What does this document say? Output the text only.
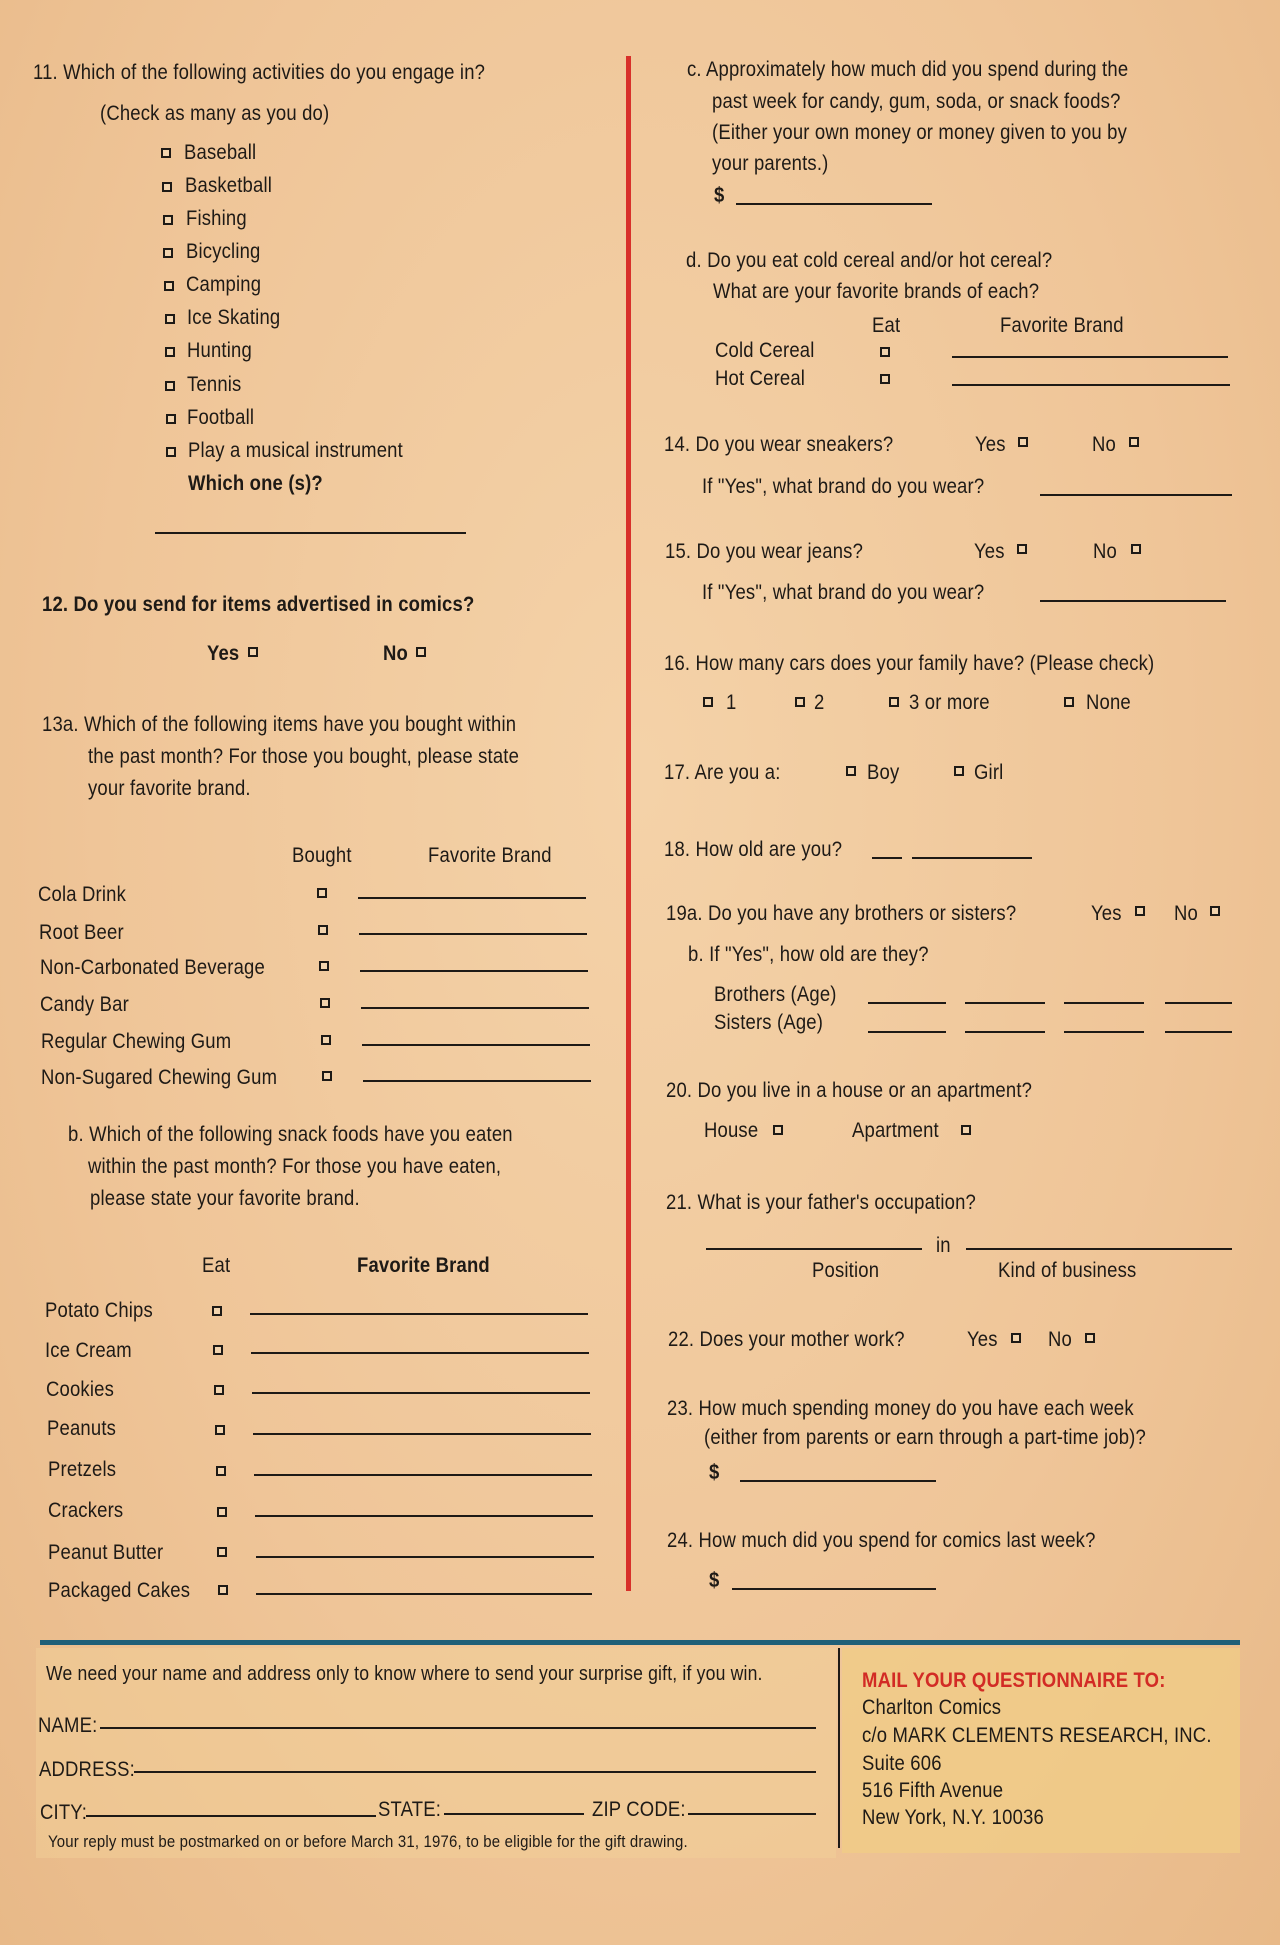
11. Which of the following activities do you engage in?
(Check as many as you do)
Baseball
Basketball
Fishing
Bicycling
Camping
Ice Skating
Hunting
Tennis
Football
Play a musical instrument
Which one (s)?
12. Do you send for items advertised in comics?
Yes	No
13a. Which of the following items have you bought within
the past month? For those you bought, please state
your favorite brand.
Bought	Favorite Brand
Cola Drink
Root Beer
Non-Carbonated Beverage
Candy Bar
Regular Chewing Gum
Non-Sugared Chewing Gum
b. Which of the following snack foods have you eaten
within the past month? For those you have eaten,
please state your favorite brand.
Eat	Favorite Brand
Potato Chips
Ice Cream
Cookies
Peanuts
Pretzels
Crackers
Peanut Butter
Packaged Cakes
c. Approximately how much did you spend during the
past week for candy, gum, soda, or snack foods?
(Either your own money or money given to you by
your parents.)
$
d. Do you eat cold cereal and/or hot cereal?
What are your favorite brands of each?
Eat	Favorite Brand
Cold Cereal
Hot Cereal
14. Do you wear sneakers?	Yes	No
If "Yes", what brand do you wear?
15. Do you wear jeans?	Yes	No
If "Yes", what brand do you wear?
16. How many cars does your family have? (Please check)
1	2	3 or more	None
17. Are you a:	Boy	Girl
18. How old are you?
19a. Do you have any brothers or sisters?	Yes No
b. If "Yes", how old are they?
Brothers (Age)
Sisters (Age)
20. Do you live in a house or an apartment?
House	Apartment
21. What is your father's occupation?
in
Position	Kind of business
22. Does your mother work?	Yes No
23. How much spending money do you have each week
(either from parents or earn through a part-time job)?
$
24. How much did you spend for comics last week?
$
We need your name and address only to know where to send your surprise gift, if you win.
NAME:
ADDRESS:
CITY:	STATE:	ZIP CODE:
Your reply must be postmarked on or before March 31, 1976, to be eligible for the gift drawing.
MAIL YOUR QUESTIONNAIRE TO:
Charlton Comics
c/o MARK CLEMENTS RESEARCH, INC.
Suite 606
516 Fifth Avenue
New York, N.Y. 10036
